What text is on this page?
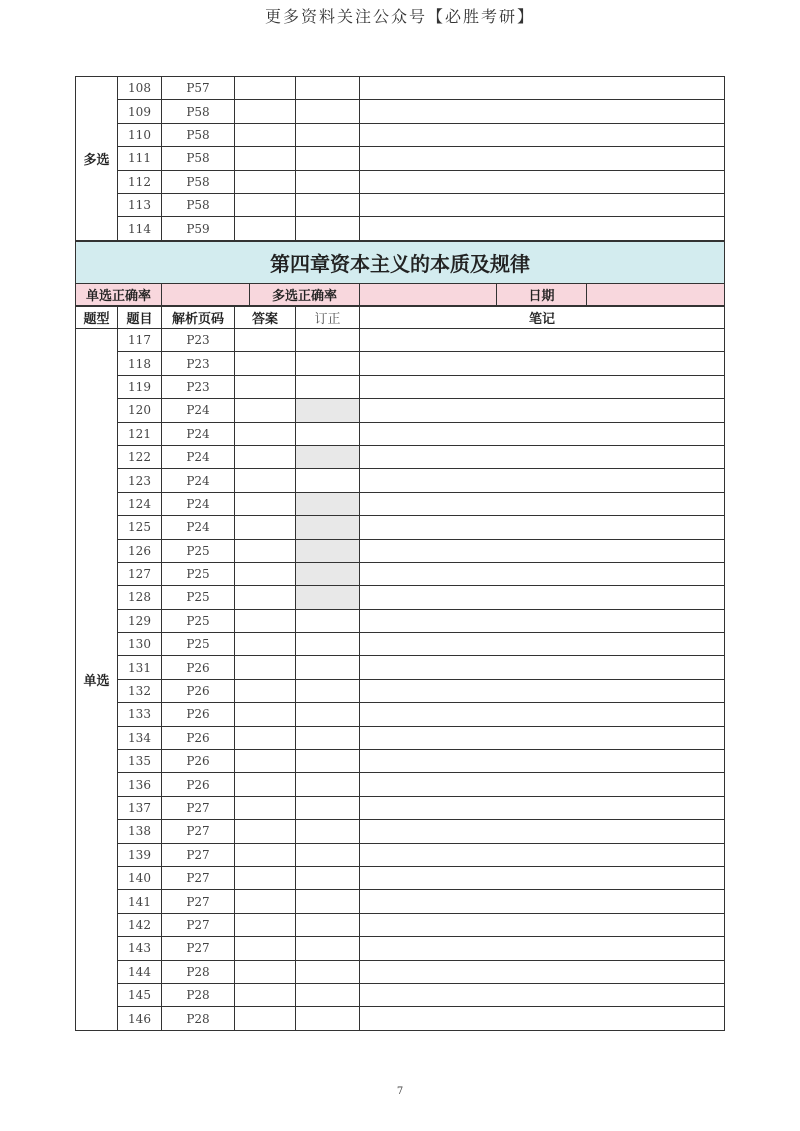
更多资料关注公众号【必胜考研】
多选	108	P57			
	109	P58			
	110	P58			
	111	P58			
	112	P58			
	113	P58			
	114	P59			
第四章资本主义的本质及规律
单选正确率		多选正确率		日期	
题型	题目	解析页码	答案	订正	笔记
单选	117	P23			
	118	P23			
	119	P23			
	120	P24			
	121	P24			
	122	P24			
	123	P24			
	124	P24			
	125	P24			
	126	P25			
	127	P25			
	128	P25			
	129	P25			
	130	P25			
	131	P26			
	132	P26			
	133	P26			
	134	P26			
	135	P26			
	136	P26			
	137	P27			
	138	P27			
	139	P27			
	140	P27			
	141	P27			
	142	P27			
	143	P27			
	144	P28			
	145	P28			
	146	P28			
7
